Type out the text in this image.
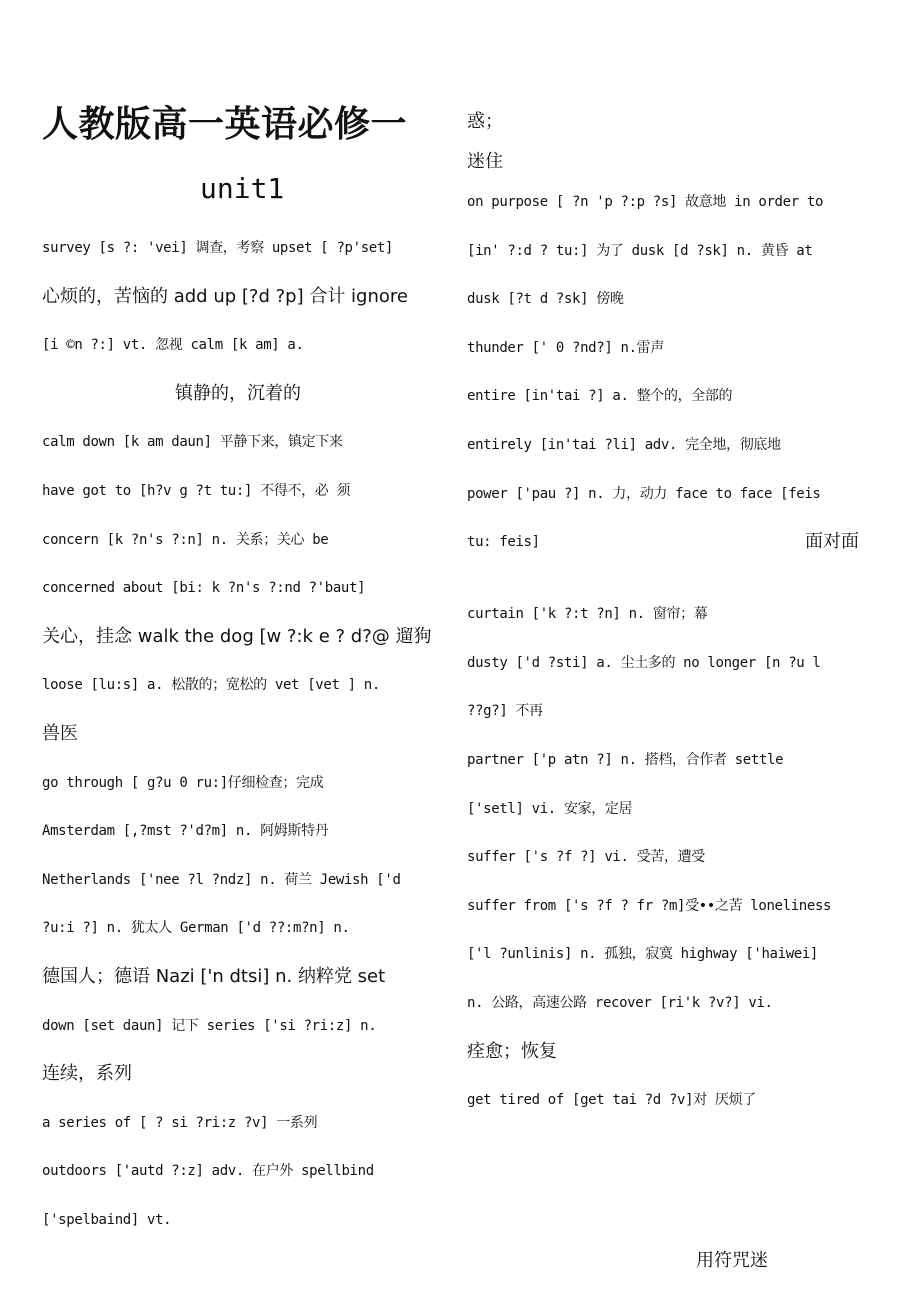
人教版高一英语必修一
unit1
survey [s ?: 'vei] 调查，考察 upset [ ?p'set]
心烦的，苦恼的 add up [?d ?p] 合计 ignore
[i ©n ?:] vt. 忽视 calm [k am] a.
镇静的，沉着的
calm down [k am daun] 平静下来，镇定下来
have got to [h?v g ?t tu:] 不得不，必 须
concern [k ?n's ?:n] n. 关系；关心 be
concerned about [bi: k ?n's ?:nd ?'baut]
关心，挂念 walk the dog [w ?:k e ? d?@ 遛狗
loose [lu:s] a. 松散的；宽松的 vet [vet ] n.
兽医
go through [ g?u 0 ru:]仔细检查；完成
Amsterdam [,?mst ?'d?m] n. 阿姆斯特丹
Netherlands ['nee ?l ?ndz] n. 荷兰 Jewish ['d
?u:i ?] n. 犹太人 German ['d ??:m?n] n.
德国人；德语 Nazi ['n dtsi] n. 纳粹党 set
down [set daun] 记下 series ['si ?ri:z] n.
连续，系列
a series of [ ? si ?ri:z ?v] 一系列
outdoors ['autd ?:z] adv. 在户外 spellbind
['spelbaind] vt.
惑；
迷住
on purpose [ ?n 'p ?:p ?s] 故意地 in order to
[in' ?:d ? tu:] 为了 dusk [d ?sk] n. 黄昏 at
dusk [?t d ?sk] 傍晚
thunder [' 0 ?nd?] n.雷声
entire [in'tai ?] a. 整个的，全部的
entirely [in'tai ?li] adv. 完全地，彻底地
power ['pau ?] n. 力，动力 face to face [feis
tu: feis]	面对面
curtain ['k ?:t ?n] n. 窗帘；幕
dusty ['d ?sti] a. 尘土多的 no longer [n ?u l
??g?] 不再
partner ['p atn ?] n. 搭档，合作者 settle
['setl] vi. 安家，定居
suffer ['s ?f ?] vi. 受苦，遭受
suffer from ['s ?f ? fr ?m]受••之苦 loneliness
['l ?unlinis] n. 孤独，寂寞 highway ['haiwei]
n. 公路，高速公路 recover [ri'k ?v?] vi.
痊愈；恢复
get tired of [get tai ?d ?v]对 厌烦了
用符咒迷
